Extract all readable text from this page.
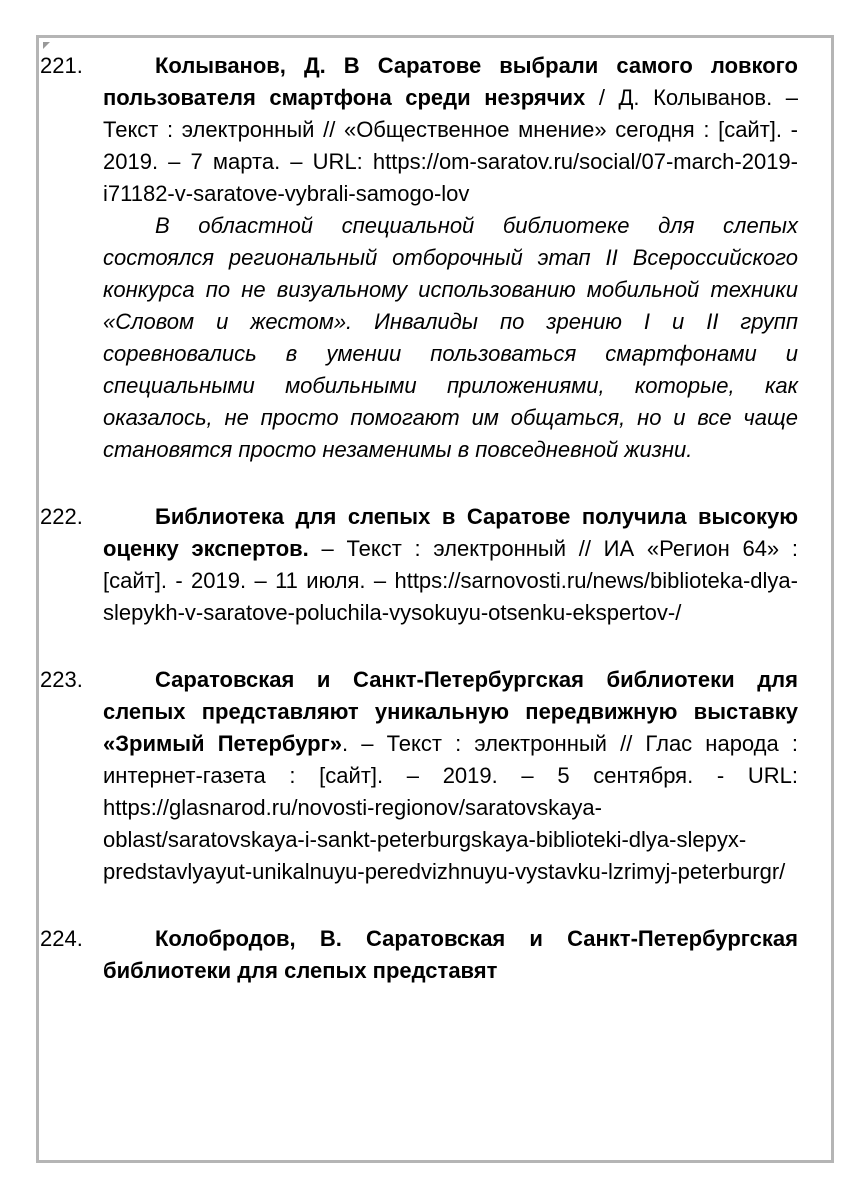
221.	Колыванов, Д. В Саратове выбрали самого ловкого пользователя смартфона среди незрячих / Д. Колыванов. – Текст : электронный // «Общественное мнение» сегодня : [сайт]. - 2019. – 7 марта. – URL: https://om-saratov.ru/social/07-march-2019-i71182-v-saratove-vybrali-samogo-lov

В областной специальной библиотеке для слепых состоялся региональный отборочный этап II Всероссийского конкурса по не визуальному использованию мобильной техники «Словом и жестом». Инвалиды по зрению I и II групп соревновались в умении пользоваться смартфонами и специальными мобильными приложениями, которые, как оказалось, не просто помогают им общаться, но и все чаще становятся просто незаменимы в повседневной жизни.

222.	Библиотека для слепых в Саратове получила высокую оценку экспертов. – Текст : электронный // ИА «Регион 64» : [сайт]. - 2019. – 11 июля. – https://sarnovosti.ru/news/biblioteka-dlya-slepykh-v-saratove-poluchila-vysokuyu-otsenku-ekspertov-/

223.	Саратовская и Санкт-Петербургская библиотеки для слепых представляют уникальную передвижную выставку «Зримый Петербург». – Текст : электронный // Глас народа : интернет-газета : [сайт]. – 2019. – 5 сентября. - URL: https://glasnarod.ru/novosti-regionov/saratovskaya-oblast/saratovskaya-i-sankt-peterburgskaya-biblioteki-dlya-slepyx-predstavlyayut-unikalnuyu-peredvizhnuyu-vystavku-lzrimyj-peterburgr/

224.	Колобродов, В. Саратовская и Санкт-Петербургская библиотеки для слепых представят
